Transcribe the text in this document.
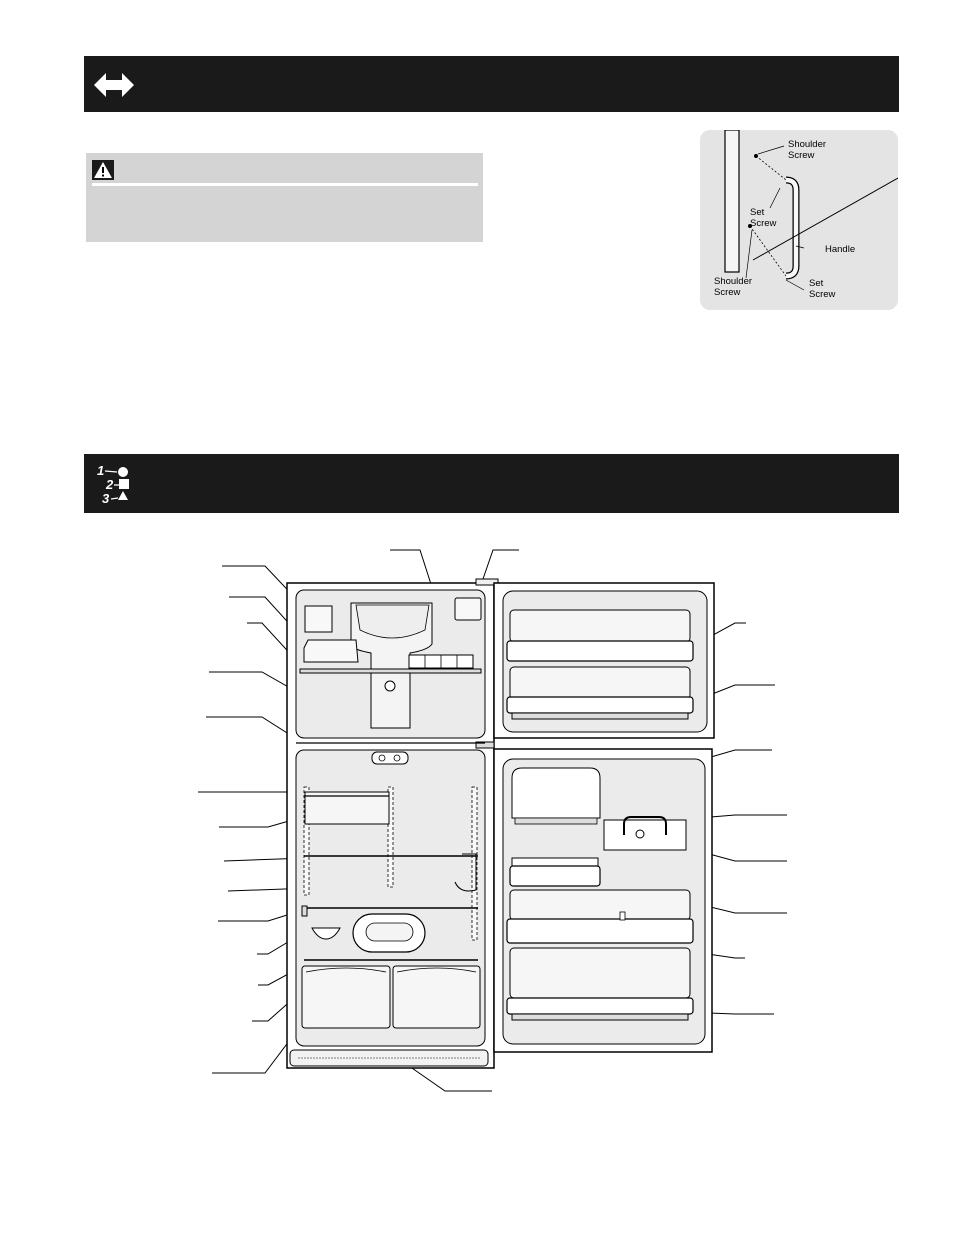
Shoulder
Screw
Set
Screw
Handle
Shoulder
Screw
Set
Screw
1
2
3
